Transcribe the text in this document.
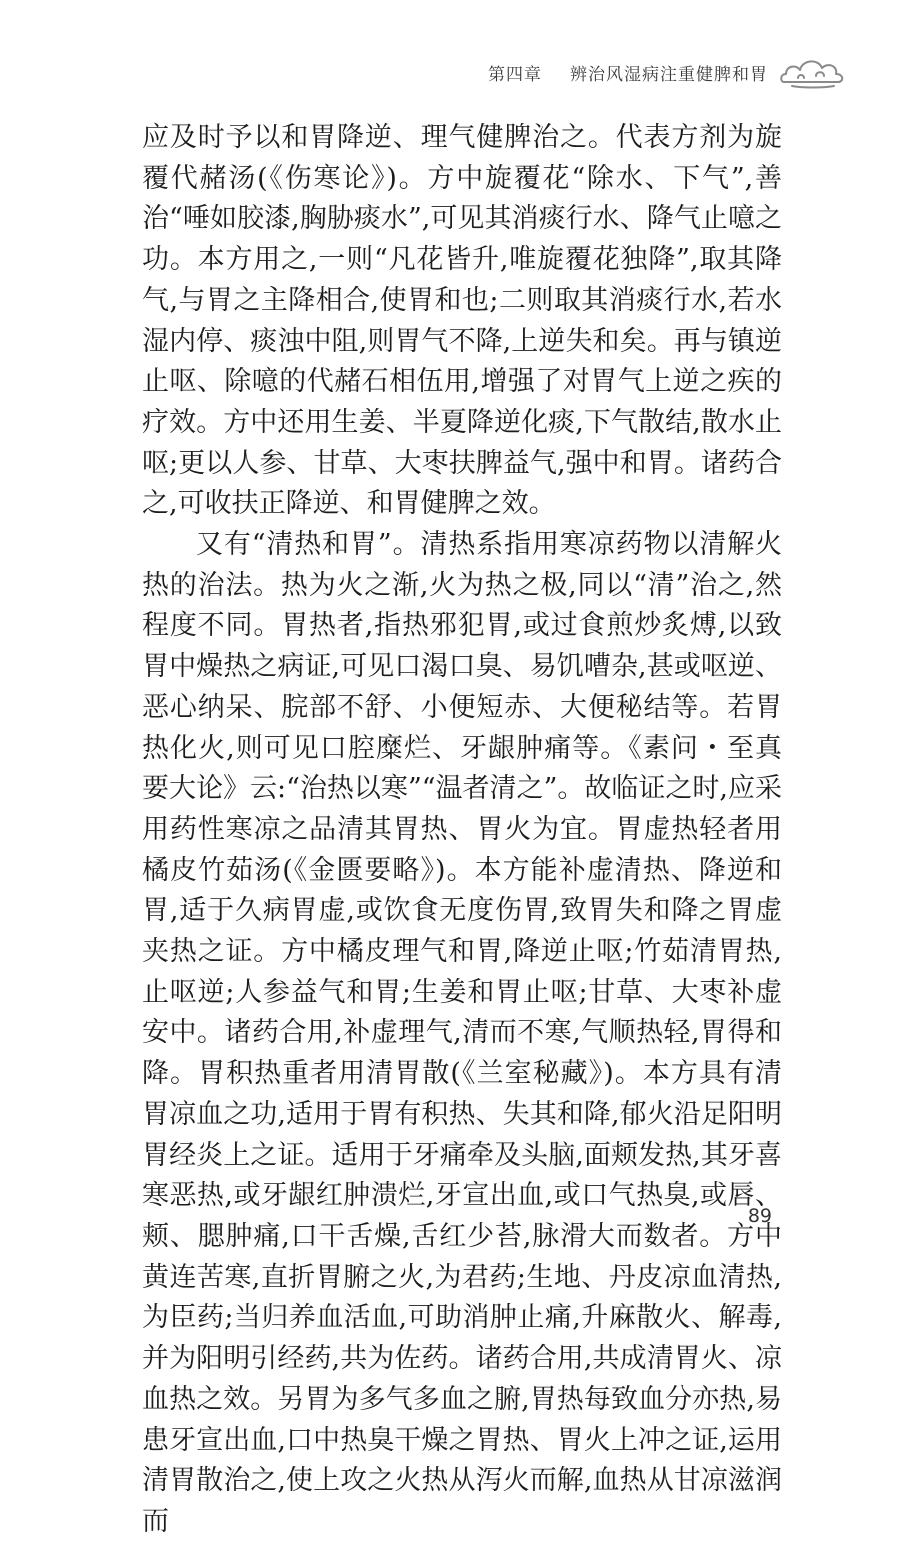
第四章 辨治风湿病注重健脾和胃

应及时予以和胃降逆、理气健脾治之。代表方剂为旋覆代赭汤(《伤寒论》)。方中旋覆花“除水、下气”,善治“唾如胶漆,胸胁痰水”,可见其消痰行水、降气止噫之功。本方用之,一则“凡花皆升,唯旋覆花独降”,取其降气,与胃之主降相合,使胃和也;二则取其消痰行水,若水湿内停、痰浊中阻,则胃气不降,上逆失和矣。再与镇逆止呕、除噫的代赭石相伍用,增强了对胃气上逆之疾的疗效。方中还用生姜、半夏降逆化痰,下气散结,散水止呕;更以人参、甘草、大枣扶脾益气,强中和胃。诸药合之,可收扶正降逆、和胃健脾之效。

又有“清热和胃”。清热系指用寒凉药物以清解火热的治法。热为火之渐,火为热之极,同以“清”治之,然程度不同。胃热者,指热邪犯胃,或过食煎炒炙煿,以致胃中燥热之病证,可见口渴口臭、易饥嘈杂,甚或呕逆、恶心纳呆、脘部不舒、小便短赤、大便秘结等。若胃热化火,则可见口腔糜烂、牙龈肿痛等。《素问・至真要大论》云:“治热以寒”“温者清之”。故临证之时,应采用药性寒凉之品清其胃热、胃火为宜。胃虚热轻者用橘皮竹茹汤(《金匮要略》)。本方能补虚清热、降逆和胃,适于久病胃虚,或饮食无度伤胃,致胃失和降之胃虚夹热之证。方中橘皮理气和胃,降逆止呕;竹茹清胃热,止呕逆;人参益气和胃;生姜和胃止呕;甘草、大枣补虚安中。诸药合用,补虚理气,清而不寒,气顺热轻,胃得和降。胃积热重者用清胃散(《兰室秘藏》)。本方具有清胃凉血之功,适用于胃有积热、失其和降,郁火沿足阳明胃经炎上之证。适用于牙痛牵及头脑,面颊发热,其牙喜寒恶热,或牙龈红肿溃烂,牙宣出血,或口气热臭,或唇、颊、腮肿痛,口干舌燥,舌红少苔,脉滑大而数者。方中黄连苦寒,直折胃腑之火,为君药;生地、丹皮凉血清热,为臣药;当归养血活血,可助消肿止痛,升麻散火、解毒,并为阳明引经药,共为佐药。诸药合用,共成清胃火、凉血热之效。另胃为多气多血之腑,胃热每致血分亦热,易患牙宣出血,口中热臭干燥之胃热、胃火上冲之证,运用清胃散治之,使上攻之火热从泻火而解,血热从甘凉滋润而

89
